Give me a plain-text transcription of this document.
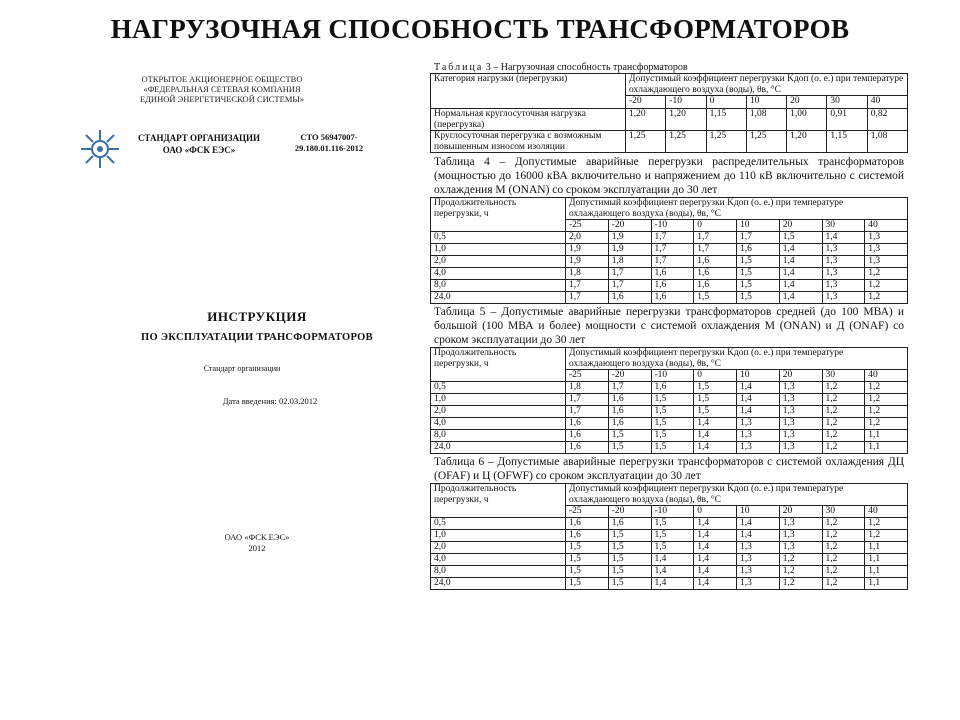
НАГРУЗОЧНАЯ СПОСОБНОСТЬ ТРАНСФОРМАТОРОВ
ОТКРЫТОЕ АКЦИОНЕРНОЕ ОБЩЕСТВО
«ФЕДЕРАЛЬНАЯ СЕТЕВАЯ КОМПАНИЯ
ЕДИНОЙ ЭНЕРГЕТИЧЕСКОЙ СИСТЕМЫ»
СТАНДАРТ ОРГАНИЗАЦИИ
ОАО «ФСК ЕЭС»
СТО 56947007-
29.180.01.116-2012
ИНСТРУКЦИЯ
ПО ЭКСПЛУАТАЦИИ ТРАНСФОРМАТОРОВ
Стандарт организации
Дата введения: 02.03.2012
ОАО «ФСК ЕЭС»
2012

Таблица 3 – Нагрузочная способность трансформаторов

Категория нагрузки (перегрузки)	Допустимый коэффициент перегрузки Kдоп (о. е.) при температуре охлаждающего воздуха (воды), θв, °С						
	-20	-10	0	10	20	30	40
Нормальная круглосуточная нагрузка (перегрузка)	1,20	1,20	1,15	1,08	1,00	0,91	0,82
Круглосуточная перегрузка с возможным повышенным износом изоляции	1,25	1,25	1,25	1,25	1,20	1,15	1,08

Таблица 4 – Допустимые аварийные перегрузки распределительных трансформаторов (мощностью до 16000 кВА включительно и напряжением до 110 кВ включительно с системой охлаждения М (ONAN) со сроком эксплуатации до 30 лет

Продолжительность перегрузки, ч	Допустимый коэффициент перегрузки Kдоп (о. е.) при температуре охлаждающего воздуха (воды), θв, °С							
	-25	-20	-10	0	10	20	30	40
0,5	2,0	1,9	1,7	1,7	1,7	1,5	1,4	1,3
1,0	1,9	1,9	1,7	1,7	1,6	1,4	1,3	1,3
2,0	1,9	1,8	1,7	1,6	1,5	1,4	1,3	1,3
4,0	1,8	1,7	1,6	1,6	1,5	1,4	1,3	1,2
8,0	1,7	1,7	1,6	1,6	1,5	1,4	1,3	1,2
24,0	1,7	1,6	1,6	1,5	1,5	1,4	1,3	1,2

Таблица 5 – Допустимые аварийные перегрузки трансформаторов средней (до 100 МВА) и большой (100 МВА и более) мощности с системой охлаждения М (ONAN) и Д (ONAF) со сроком эксплуатации до 30 лет

Продолжительность перегрузки, ч	Допустимый коэффициент перегрузки Kдоп (о. е.) при температуре охлаждающего воздуха (воды), θв, °С							
	-25	-20	-10	0	10	20	30	40
0,5	1,8	1,7	1,6	1,5	1,4	1,3	1,2	1,2
1,0	1,7	1,6	1,5	1,5	1,4	1,3	1,2	1,2
2,0	1,7	1,6	1,5	1,5	1,4	1,3	1,2	1,2
4,0	1,6	1,6	1,5	1,4	1,3	1,3	1,2	1,2
8,0	1,6	1,5	1,5	1,4	1,3	1,3	1,2	1,1
24,0	1,6	1,5	1,5	1,4	1,3	1,3	1,2	1,1

Таблица 6 – Допустимые аварийные перегрузки трансформаторов с системой охлаждения ДЦ (OFAF) и Ц (OFWF) со сроком эксплуатации до 30 лет

Продолжительность перегрузки, ч	Допустимый коэффициент перегрузки Kдоп (о. е.) при температуре охлаждающего воздуха (воды), θв, °С							
	-25	-20	-10	0	10	20	30	40
0,5	1,6	1,6	1,5	1,4	1,4	1,3	1,2	1,2
1,0	1,6	1,5	1,5	1,4	1,4	1,3	1,2	1,2
2,0	1,5	1,5	1,5	1,4	1,3	1,3	1,2	1,1
4,0	1,5	1,5	1,4	1,4	1,3	1,2	1,2	1,1
8,0	1,5	1,5	1,4	1,4	1,3	1,2	1,2	1,1
24,0	1,5	1,5	1,4	1,4	1,3	1,2	1,2	1,1
